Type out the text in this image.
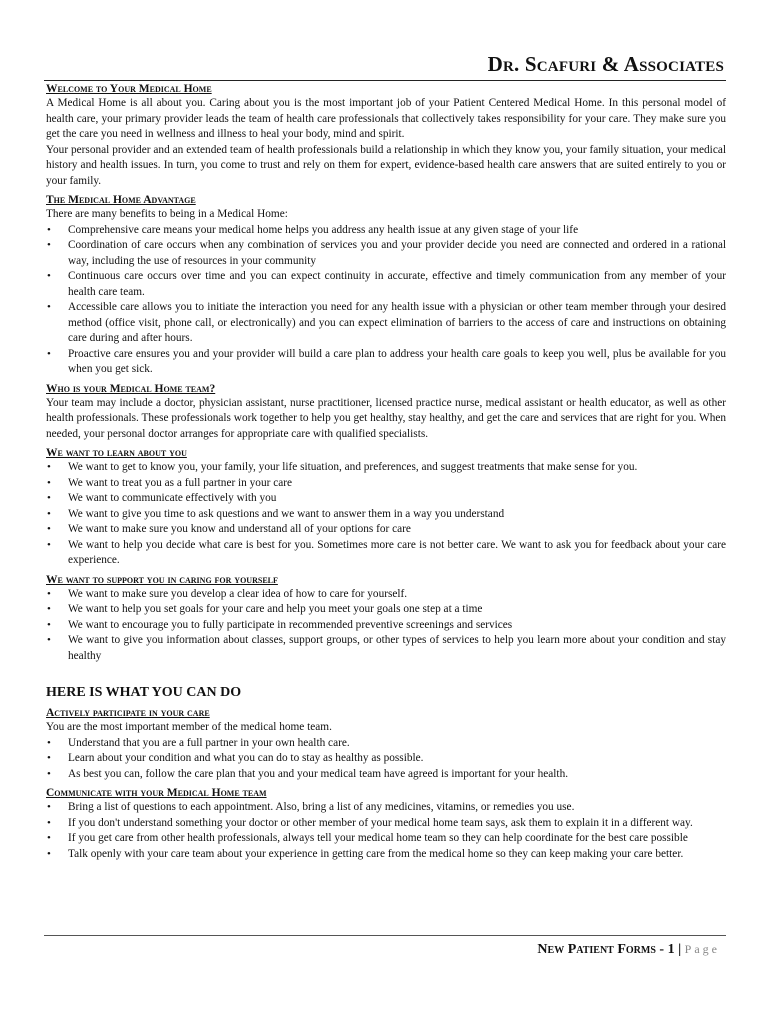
Dr. Scafuri & Associates
Welcome to Your Medical Home

A Medical Home is all about you. Caring about you is the most important job of your Patient Centered Medical Home. In this personal model of health care, your primary provider leads the team of health care professionals that collectively takes responsibility for your care. They make sure you get the care you need in wellness and illness to heal your body, mind and spirit.

Your personal provider and an extended team of health professionals build a relationship in which they know you, your family situation, your medical history and health issues. In turn, you come to trust and rely on them for expert, evidence-based health care answers that are suited entirely to you or your family.

The Medical Home Advantage

There are many benefits to being in a Medical Home:

• Comprehensive care means your medical home helps you address any health issue at any given stage of your life
• Coordination of care occurs when any combination of services you and your provider decide you need are connected and ordered in a rational way, including the use of resources in your community
• Continuous care occurs over time and you can expect continuity in accurate, effective and timely communication from any member of your health care team.
• Accessible care allows you to initiate the interaction you need for any health issue with a physician or other team member through your desired method (office visit, phone call, or electronically) and you can expect elimination of barriers to the access of care and instructions on obtaining care during and after hours.
• Proactive care ensures you and your provider will build a care plan to address your health care goals to keep you well, plus be available for you when you get sick.
Who is your Medical Home team?

Your team may include a doctor, physician assistant, nurse practitioner, licensed practice nurse, medical assistant or health educator, as well as other health professionals. These professionals work together to help you get healthy, stay healthy, and get the care and services that are right for you. When needed, your personal doctor arranges for appropriate care with qualified specialists.

We want to learn about you
• We want to get to know you, your family, your life situation, and preferences, and suggest treatments that make sense for you.
• We want to treat you as a full partner in your care
• We want to communicate effectively with you
• We want to give you time to ask questions and we want to answer them in a way you understand
• We want to make sure you know and understand all of your options for care
• We want to help you decide what care is best for you. Sometimes more care is not better care. We want to ask you for feedback about your care experience.
We want to support you in caring for yourself
• We want to make sure you develop a clear idea of how to care for yourself.
• We want to help you set goals for your care and help you meet your goals one step at a time
• We want to encourage you to fully participate in recommended preventive screenings and services
• We want to give you information about classes, support groups, or other types of services to help you learn more about your condition and stay healthy
HERE IS WHAT YOU CAN DO
Actively participate in your care

You are the most important member of the medical home team.

• Understand that you are a full partner in your own health care.
• Learn about your condition and what you can do to stay as healthy as possible.
• As best you can, follow the care plan that you and your medical team have agreed is important for your health.
Communicate with your Medical Home team
• Bring a list of questions to each appointment. Also, bring a list of any medicines, vitamins, or remedies you use.
• If you don't understand something your doctor or other member of your medical home team says, ask them to explain it in a different way.
• If you get care from other health professionals, always tell your medical home team so they can help coordinate for the best care possible
• Talk openly with your care team about your experience in getting care from the medical home so they can keep making your care better.
New Patient Forms - 1 | Page
